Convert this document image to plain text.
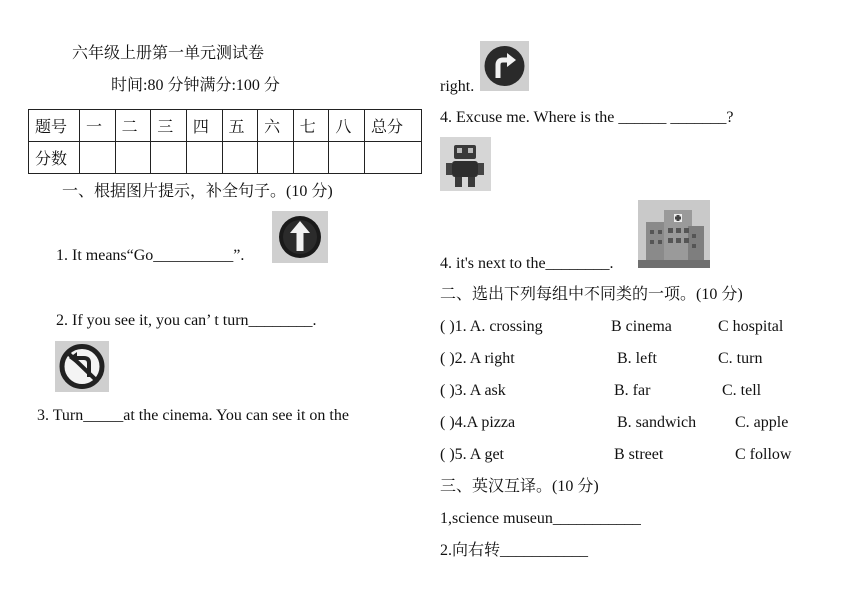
六年级上册第一单元测试卷
时间:80 分钟满分:100 分
题号	一	二	三	四	五	六	七	八	总分
分数									
一、根据图片提示，补全句子。(10 分)
1. It means“Go__________”.
2. If you see it, you can’ t turn________.
3. Turn_____at the cinema. You can see it on the
right.
4. Excuse me. Where is the ______ _______?
4. it's next to the________.
二、选出下列每组中不同类的一项。(10 分)
( )1. A. crossing	B cinema	C hospital
( )2. A right	B. left	C. turn
( )3. A ask	B. far	C. tell
( )4.A pizza	B. sandwich C. apple
( )5. A get	B street	C follow
三、英汉互译。(10 分)
1,science museun___________
2.向右转___________
